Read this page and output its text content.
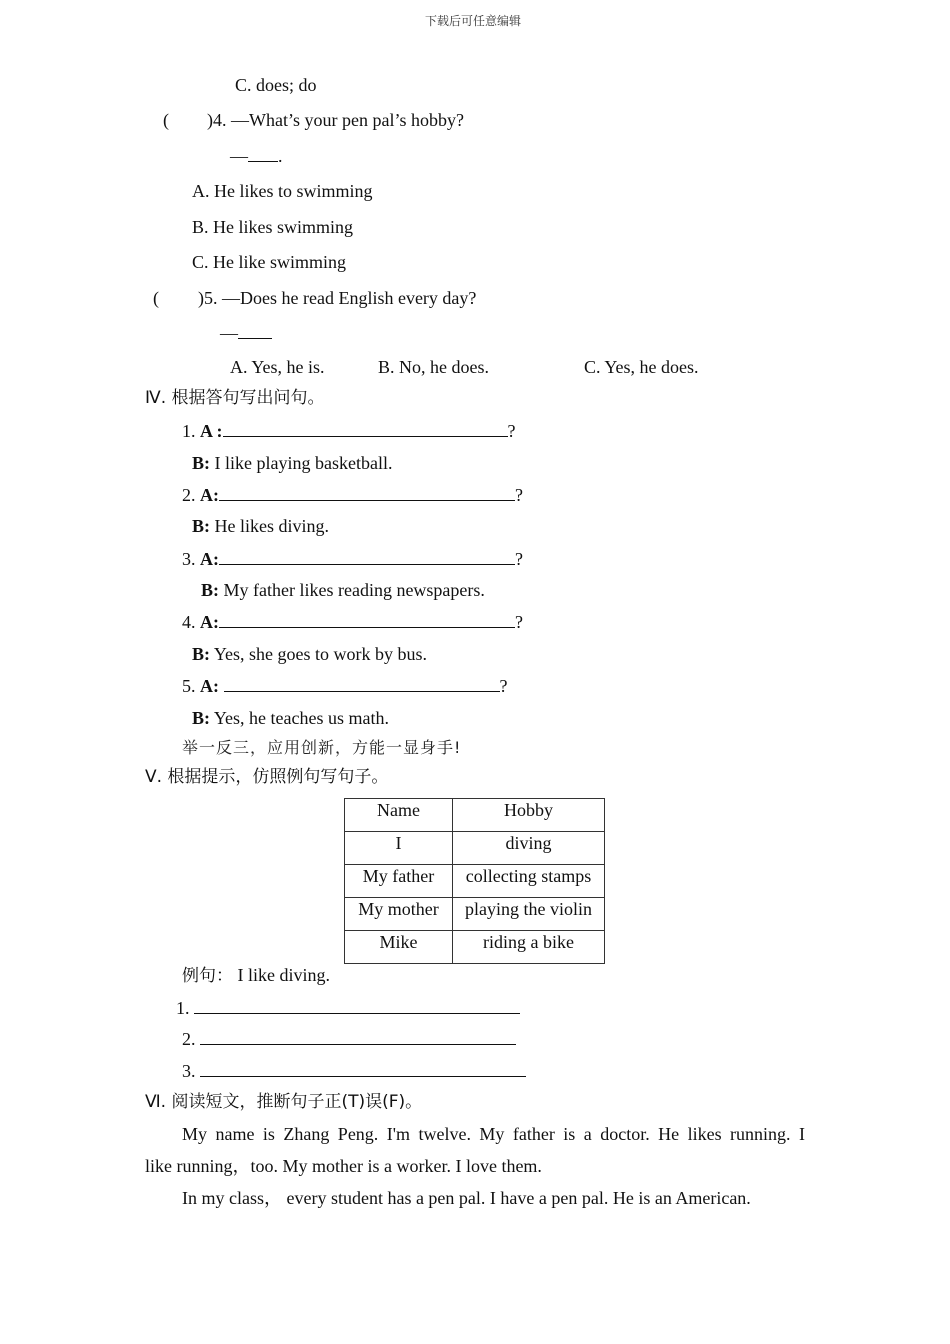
下载后可任意编辑
C. does; do
( )4. —What’s your pen pal’s hobby?
— .
A. He likes to swimming
B. He likes swimming
C. He like swimming
( )5. —Does he read English every day?
—
A. Yes, he is.	B. No, he does.	C. Yes, he does.
Ⅳ. 根据答句写出问句。
1. A :	?
B: I like playing basketball.
2. A:	?
B: He likes diving.
3. A:	?
B: My father likes reading newspapers.
4. A:	?
B: Yes, she goes to work by bus.
5. A:	?
B: Yes, he teaches us math.
举一反三，应用创新，方能一显身手!
Ⅴ. 根据提示，仿照例句写句子。
Name	Hobby
I	diving
My father	collecting stamps
My mother	playing the violin
Mike	riding a bike
例句： I like diving.
1.
2.
3.
Ⅵ. 阅读短文，推断句子正(T)误(F)。
My name is Zhang Peng. I'm twelve. My father is a doctor. He likes running. I
like running，too. My mother is a worker. I love them.
In my class， every student has a pen pal. I have a pen pal. He is an American.
